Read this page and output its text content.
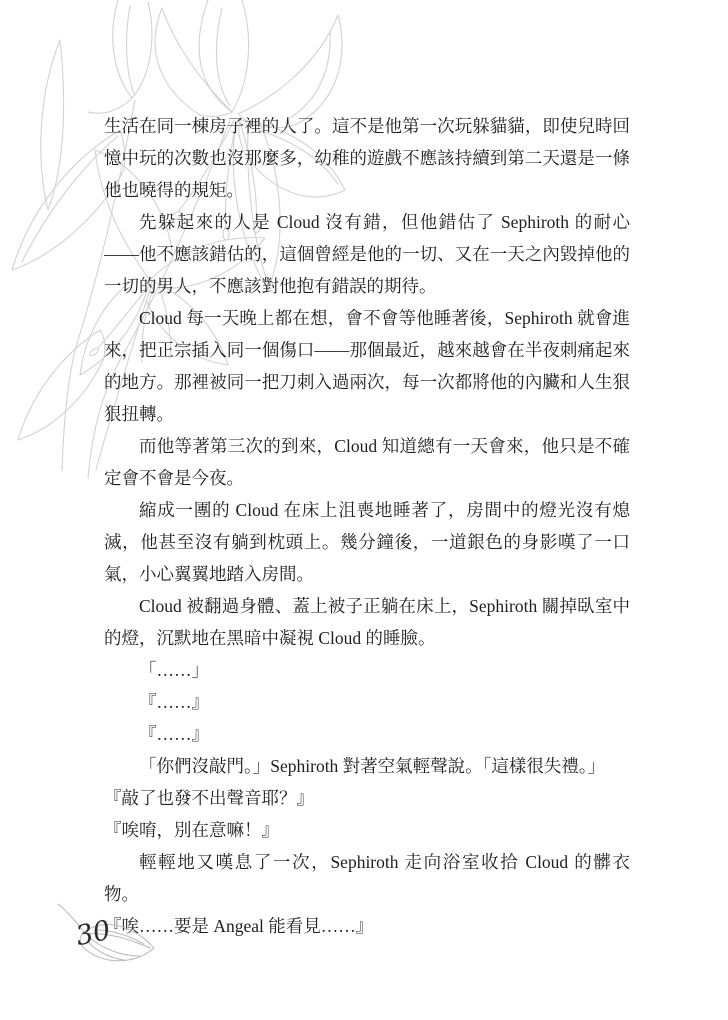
生活在同一棟房子裡的人了。這不是他第一次玩躲貓貓，即使兒時回憶中玩的次數也沒那麼多，幼稚的遊戲不應該持續到第二天還是一條他也曉得的規矩。

先躲起來的人是 Cloud 沒有錯，但他錯估了 Sephiroth 的耐心——他不應該錯估的，這個曾經是他的一切、又在一天之內毀掉他的一切的男人，不應該對他抱有錯誤的期待。

Cloud 每一天晚上都在想，會不會等他睡著後，Sephiroth 就會進來，把正宗插入同一個傷口——那個最近，越來越會在半夜刺痛起來的地方。那裡被同一把刀刺入過兩次，每一次都將他的內臟和人生狠狠扭轉。

而他等著第三次的到來，Cloud 知道總有一天會來，他只是不確定會不會是今夜。

縮成一團的 Cloud 在床上沮喪地睡著了，房間中的燈光沒有熄滅，他甚至沒有躺到枕頭上。幾分鐘後，一道銀色的身影嘆了一口氣，小心翼翼地踏入房間。

Cloud 被翻過身體、蓋上被子正躺在床上，Sephiroth 關掉臥室中的燈，沉默地在黑暗中凝視 Cloud 的睡臉。

「……」

『……』

『……』

「你們沒敲門。」Sephiroth 對著空氣輕聲說。「這樣很失禮。」

『敲了也發不出聲音耶？』

『唉唷，別在意嘛！』

輕輕地又嘆息了一次，Sephiroth 走向浴室收拾 Cloud 的髒衣物。

『唉……要是 Angeal 能看見……』

30
